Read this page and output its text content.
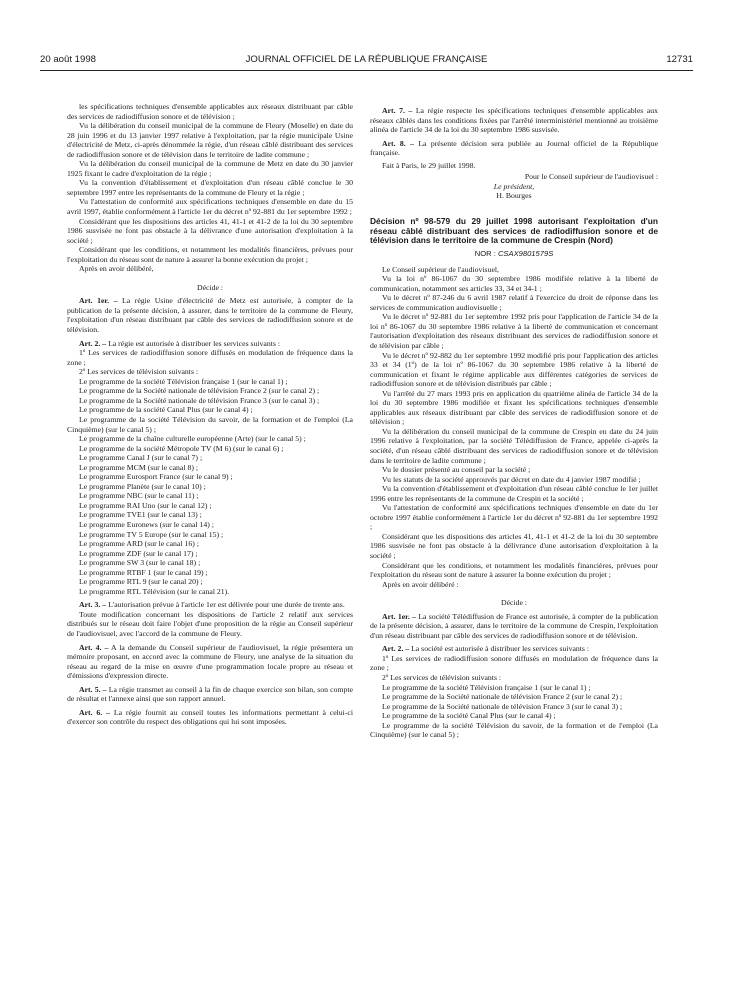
20 août 1998	JOURNAL OFFICIEL DE LA RÉPUBLIQUE FRANÇAISE	12731

les spécifications techniques d'ensemble applicables aux réseaux distribuant par câble des services de radiodiffusion sonore et de télévision ;

Vu la délibération du conseil municipal de la commune de Fleury (Moselle) en date du 28 juin 1996 et du 13 janvier 1997 relative à l'exploitation, par la régie municipale Usine d'électricité de Metz, ci-après dénommée la régie, d'un réseau câblé distribuant des services de radiodiffusion sonore et de télévision dans le territoire de ladite commune ;

Vu la délibération du conseil municipal de la commune de Metz en date du 30 janvier 1925 fixant le cadre d'exploitation de la régie ;

Vu la convention d'établissement et d'exploitation d'un réseau câblé conclue le 30 septembre 1997 entre les représentants de la commune de Fleury et la régie ;

Vu l'attestation de conformité aux spécifications techniques d'ensemble en date du 15 avril 1997, établie conformément à l'article 1er du décret nº 92-881 du 1er septembre 1992 ;

Considérant que les dispositions des articles 41, 41-1 et 41-2 de la loi du 30 septembre 1986 susvisée ne font pas obstacle à la délivrance d'une autorisation d'exploitation à la société ;

Considérant que les conditions, et notamment les modalités financières, prévues pour l'exploitation du réseau sont de nature à assurer la bonne exécution du projet ;

Après en avoir délibéré,

Décide :

Art. 1er. – La régie Usine d'électricité de Metz est autorisée, à compter de la publication de la présente décision, à assurer, dans le territoire de la commune de Fleury, l'exploitation d'un réseau distribuant par câble des services de radiodiffusion sonore et de télévision.

Art. 2. – La régie est autorisée à distribuer les services suivants :

1º Les services de radiodiffusion sonore diffusés en modulation de fréquence dans la zone ;

2º Les services de télévision suivants :

Le programme de la société Télévision française 1 (sur le canal 1) ;

Le programme de la Société nationale de télévision France 2 (sur le canal 2) ;

Le programme de la Société nationale de télévision France 3 (sur le canal 3) ;

Le programme de la société Canal Plus (sur le canal 4) ;

Le programme de la société Télévision du savoir, de la formation et de l'emploi (La Cinquième) (sur le canal 5) ;

Le programme de la chaîne culturelle européenne (Arte) (sur le canal 5) ;

Le programme de la société Métropole TV (M 6) (sur le canal 6) ;

Le programme Canal J (sur le canal 7) ;

Le programme MCM (sur le canal 8) ;

Le programme Eurosport France (sur le canal 9) ;

Le programme Planète (sur le canal 10) ;

Le programme NBC (sur le canal 11) ;

Le programme RAI Uno (sur le canal 12) ;

Le programme TVE1 (sur le canal 13) ;

Le programme Euronews (sur le canal 14) ;

Le programme TV 5 Europe (sur le canal 15) ;

Le programme ARD (sur le canal 16) ;

Le programme ZDF (sur le canal 17) ;

Le programme SW 3 (sur le canal 18) ;

Le programme RTBF 1 (sur le canal 19) ;

Le programme RTL 9 (sur le canal 20) ;

Le programme RTL Télévision (sur le canal 21).

Art. 3. – L'autorisation prévue à l'article 1er est délivrée pour une durée de trente ans.

Toute modification concernant les dispositions de l'article 2 relatif aux services distribués sur le réseau doit faire l'objet d'une proposition de la régie au Conseil supérieur de l'audiovisuel, avec l'accord de la commune de Fleury.

Art. 4. – A la demande du Conseil supérieur de l'audiovisuel, la régie présentera un mémoire proposant, en accord avec la commune de Fleury, une analyse de la situation du réseau au regard de la mise en œuvre d'une programmation locale propre au réseau et d'émissions d'expression directe.

Art. 5. – La régie transmet au conseil à la fin de chaque exercice son bilan, son compte de résultat et l'annexe ainsi que son rapport annuel.

Art. 6. – La régie fournit au conseil toutes les informations permettant à celui-ci d'exercer son contrôle du respect des obligations qui lui sont imposées.

Art. 7. – La régie respecte les spécifications techniques d'ensemble applicables aux réseaux câblés dans les conditions fixées par l'arrêté interministériel mentionné au troisième alinéa de l'article 34 de la loi du 30 septembre 1986 susvisée.

Art. 8. – La présente décision sera publiée au Journal officiel de la République française.

Fait à Paris, le 29 juillet 1998.

Pour le Conseil supérieur de l'audiovisuel :

Le président,

H. Bourges

Décision nº 98-579 du 29 juillet 1998 autorisant l'exploitation d'un réseau câblé distribuant des services de radiodiffusion sonore et de télévision dans le territoire de la commune de Crespin (Nord)

NOR : CSAX9801579S

Le Conseil supérieur de l'audiovisuel,

Vu la loi nº 86-1067 du 30 septembre 1986 modifiée relative à la liberté de communication, notamment ses articles 33, 34 et 34-1 ;

Vu le décret nº 87-246 du 6 avril 1987 relatif à l'exercice du droit de réponse dans les services de communication audiovisuelle ;

Vu le décret nº 92-881 du 1er septembre 1992 pris pour l'application de l'article 34 de la loi nº 86-1067 du 30 septembre 1986 relative à la liberté de communication et concernant l'autorisation d'exploitation des réseaux distribuant des services de radiodiffusion sonore et de télévision par câble ;

Vu le décret nº 92-882 du 1er septembre 1992 modifié pris pour l'application des articles 33 et 34 (1º) de la loi nº 86-1067 du 30 septembre 1986 relative à la liberté de communication et fixant le régime applicable aux différentes catégories de services de radiodiffusion sonore et de télévision distribués par câble ;

Vu l'arrêté du 27 mars 1993 pris en application du quatrième alinéa de l'article 34 de la loi du 30 septembre 1986 modifiée et fixant les spécifications techniques d'ensemble applicables aux réseaux distribuant par câble des services de radiodiffusion sonore et de télévision ;

Vu la délibération du conseil municipal de la commune de Crespin en date du 24 juin 1996 relative à l'exploitation, par la société Télédiffusion de France, appelée ci-après la société, d'un réseau câblé distribuant des services de radiodiffusion sonore et de télévision dans le territoire de ladite commune ;

Vu le dossier présenté au conseil par la société ;

Vu les statuts de la société approuvés par décret en date du 4 janvier 1987 modifié ;

Vu la convention d'établissement et d'exploitation d'un réseau câblé conclue le 1er juillet 1996 entre les représentants de la commune de Crespin et la société ;

Vu l'attestation de conformité aux spécifications techniques d'ensemble en date du 1er octobre 1997 établie conformément à l'article 1er du décret nº 92-881 du 1er septembre 1992 ;

Considérant que les dispositions des articles 41, 41-1 et 41-2 de la loi du 30 septembre 1986 susvisée ne font pas obstacle à la délivrance d'une autorisation d'exploitation à la société ;

Considérant que les conditions, et notamment les modalités financières, prévues pour l'exploitation du réseau sont de nature à assurer la bonne exécution du projet ;

Après en avoir délibéré :

Décide :

Art. 1er. – La société Télédiffusion de France est autorisée, à compter de la publication de la présente décision, à assurer, dans le territoire de la commune de Crespin, l'exploitation d'un réseau distribuant par câble des services de radiodiffusion sonore et de télévision.

Art. 2. – La société est autorisée à distribuer les services suivants :

1º Les services de radiodiffusion sonore diffusés en modulation de fréquence dans la zone ;

2º Les services de télévision suivants :

Le programme de la société Télévision française 1 (sur le canal 1) ;

Le programme de la Société nationale de télévision France 2 (sur le canal 2) ;

Le programme de la Société nationale de télévision France 3 (sur le canal 3) ;

Le programme de la société Canal Plus (sur le canal 4) ;

Le programme de la société Télévision du savoir, de la formation et de l'emploi (La Cinquième) (sur le canal 5) ;
